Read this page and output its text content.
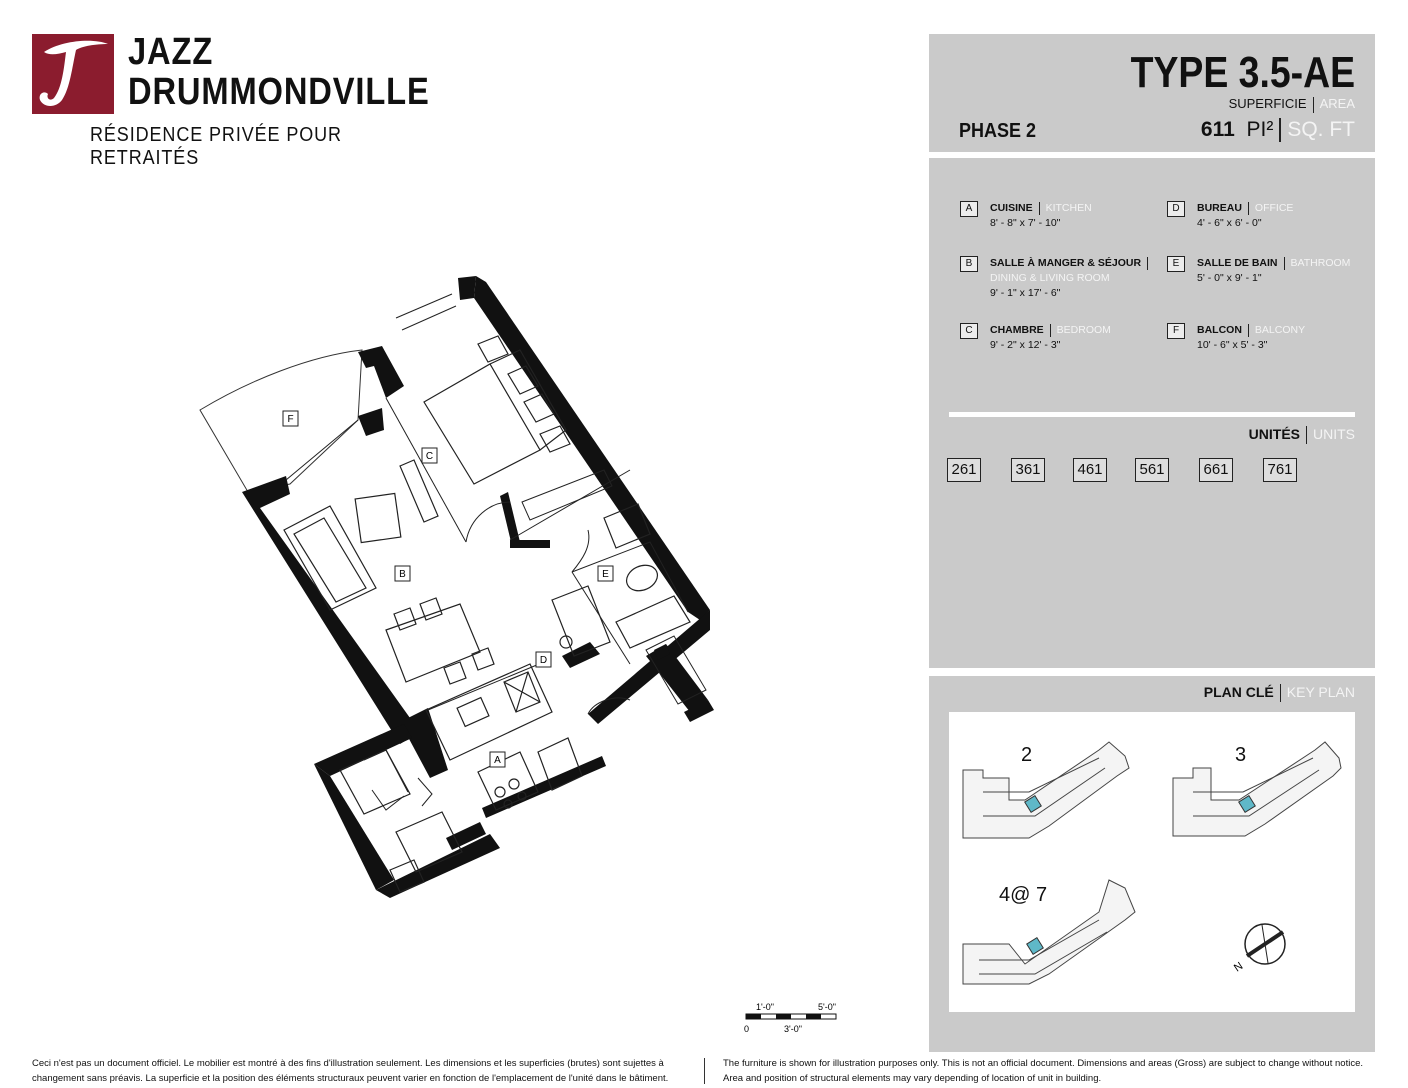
JAZZ
DRUMMONDVILLE
RÉSIDENCE PRIVÉE POUR RETRAITÉS
TYPE 3.5-AE
SUPERFICIE AREA
PHASE 2	611 PI² SQ. FT
A	CUISINE KITCHEN
8' - 8" x 7' - 10"
B	SALLE À MANGER & SÉJOUR
DINING & LIVING ROOM
9' - 1" x 17' - 6"
C	CHAMBRE BEDROOM
9' - 2" x 12' - 3"
D	BUREAU OFFICE
4' - 6" x 6' - 0"
E	SALLE DE BAIN BATHROOM
5' - 0" x 9' - 1"
F	BALCON BALCONY
10' - 6" x 5' - 3"
UNITÉS UNITS
261	361 461 561	661	761
PLAN CLÉ KEY PLAN
2	3
4@ 7
N
F
C
B	E
D
A
1'-0"	5'-0"
0	3'-0"
Ceci n'est pas un document officiel. Le mobilier est montré à des fins d'illustration seulement. Les dimensions et les superficies (brutes) sont sujettes à
changement sans préavis. La superficie et la position des éléments structuraux peuvent varier en fonction de l'emplacement de l'unité dans le bâtiment.
The furniture is shown for illustration purposes only. This is not an official document. Dimensions and areas (Gross) are subject to change without notice.
Area and position of structural elements may vary depending of location of unit in building.
